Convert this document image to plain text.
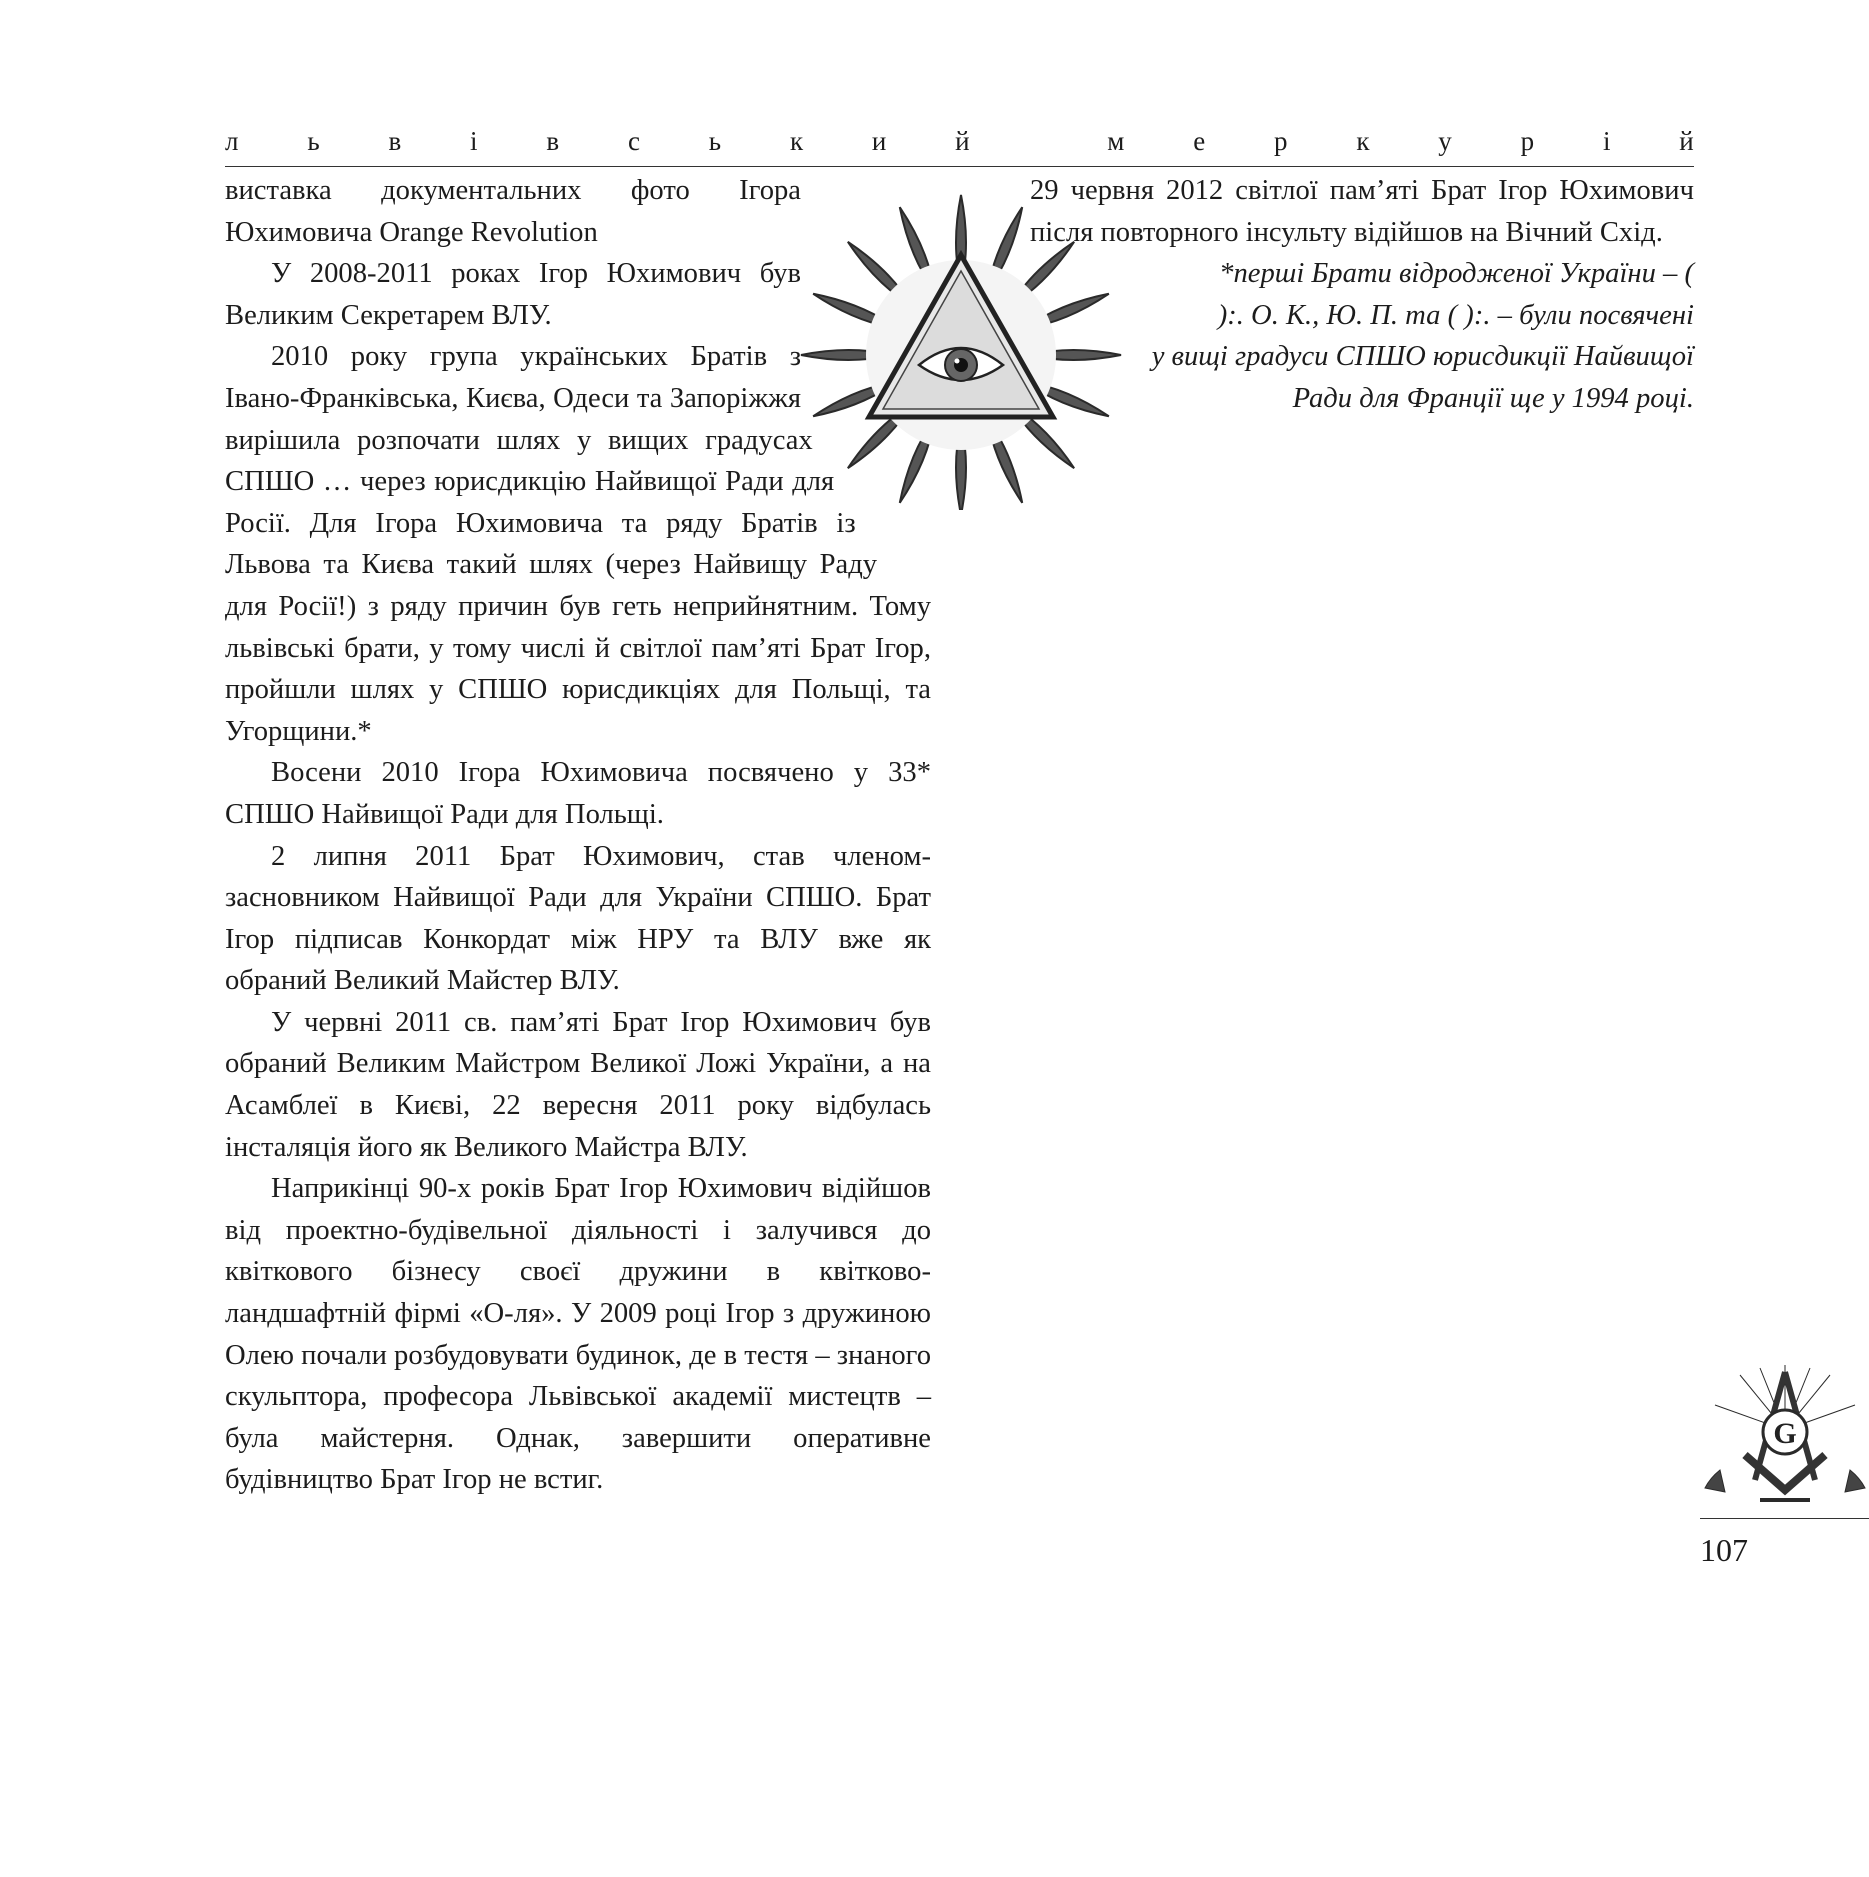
л	ь	в	і	в	с	ь	к	и	й	м	е	р	к	у	р	і	й

виставка документальних фото Ігора Юхимовича Orange Revolution

У 2008-2011 роках Ігор Юхимович був Великим Секретарем ВЛУ.

2010 року група українських Братів з Івано-Франківська, Києва, Одеси та Запоріжжя вирішила розпочати шлях у вищих градусах СПШО … через юрисдикцію Найвищої Ради для Росії. Для Ігора Юхимовича та ряду Братів із Львова та Києва такий шлях (через Найвищу Раду для Росії!) з ряду причин був геть неприйнятним. Тому львівські брати, у тому числі й світлої пам’яті Брат Ігор, пройшли шлях у СПШО юрисдикціях для Польщі, та Угорщини.*

Восени 2010 Ігора Юхимовича посвячено у 33* СПШО Найвищої Ради для Польщі.

2 липня 2011 Брат Юхимович, став членом-засновником Найвищої Ради для України СПШО. Брат Ігор підписав Конкордат між НРУ та ВЛУ вже як обраний Великий Майстер ВЛУ.

У червні 2011 св. пам’яті Брат Ігор Юхимович був обраний Великим Майстром Великої Ложі України, а на Асамблеї в Києві, 22 вересня 2011 року відбулась інсталяція його як Великого Майстра ВЛУ.

Наприкінці 90-х років Брат Ігор Юхимович відійшов від проектно-будівельної діяльності і залучився до квіткового бізнесу своєї дружини в квітково-ландшафтній фірмі «О-ля». У 2009 році Ігор з дружиною Олею почали розбудовувати будинок, де в тестя – знаного скульптора, професора Львівської академії мистецтв – була майстерня. Однак, завершити оперативне будівництво Брат Ігор не встиг.

29 червня 2012 світлої пам’яті Брат Ігор Юхимович після повторного інсульту відійшов на Вічний Схід.

*перші Брати відродженої України – (
):. О. К., Ю. П. та ( ):. – були посвячені
у вищі градуси СПШО юрисдикції Найвищої
Ради для Франції ще у 1994 році.
G
107
